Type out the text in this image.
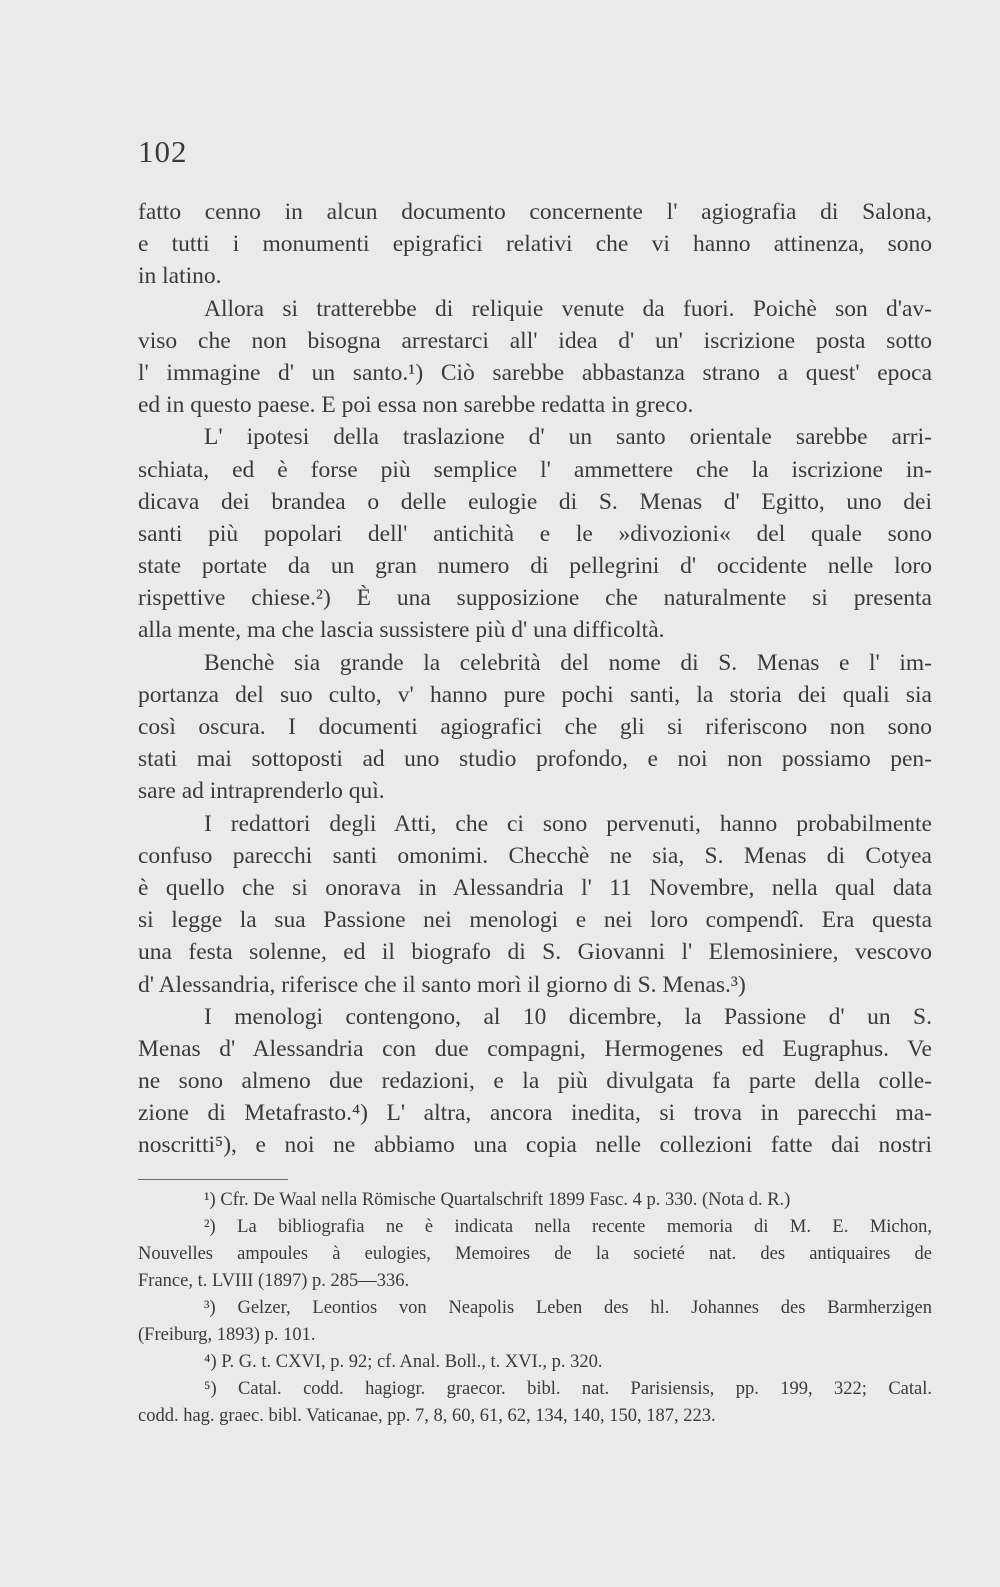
102
fatto cenno in alcun documento concernente l' agiografia di Salona,
e tutti i monumenti epigrafici relativi che vi hanno attinenza, sono
in latino.
Allora si tratterebbe di reliquie venute da fuori. Poichè son d'av-
viso che non bisogna arrestarci all' idea d' un' iscrizione posta sotto
l' immagine d' un santo.¹) Ciò sarebbe abbastanza strano a quest' epoca
ed in questo paese. E poi essa non sarebbe redatta in greco.
L' ipotesi della traslazione d' un santo orientale sarebbe arri-
schiata, ed è forse più semplice l' ammettere che la iscrizione in-
dicava dei brandea o delle eulogie di S. Menas d' Egitto, uno dei
santi più popolari dell' antichità e le »divozioni« del quale sono
state portate da un gran numero di pellegrini d' occidente nelle loro
rispettive chiese.²) È una supposizione che naturalmente si presenta
alla mente, ma che lascia sussistere più d' una difficoltà.
Benchè sia grande la celebrità del nome di S. Menas e l' im-
portanza del suo culto, v' hanno pure pochi santi, la storia dei quali sia
così oscura. I documenti agiografici che gli si riferiscono non sono
stati mai sottoposti ad uno studio profondo, e noi non possiamo pen-
sare ad intraprenderlo quì.
I redattori degli Atti, che ci sono pervenuti, hanno probabilmente
confuso parecchi santi omonimi. Checchè ne sia, S. Menas di Cotyea
è quello che si onorava in Alessandria l' 11 Novembre, nella qual data
si legge la sua Passione nei menologi e nei loro compendî. Era questa
una festa solenne, ed il biografo di S. Giovanni l' Elemosiniere, vescovo
d' Alessandria, riferisce che il santo morì il giorno di S. Menas.³)
I menologi contengono, al 10 dicembre, la Passione d' un S.
Menas d' Alessandria con due compagni, Hermogenes ed Eugraphus. Ve
ne sono almeno due redazioni, e la più divulgata fa parte della colle-
zione di Metafrasto.⁴) L' altra, ancora inedita, si trova in parecchi ma-
noscritti⁵), e noi ne abbiamo una copia nelle collezioni fatte dai nostri
¹) Cfr. De Waal nella Römische Quartalschrift 1899 Fasc. 4 p. 330. (Nota d. R.)
²) La bibliografia ne è indicata nella recente memoria di M. E. Michon,
Nouvelles ampoules à eulogies, Memoires de la societé nat. des antiquaires de
France, t. LVIII (1897) p. 285—336.
³) Gelzer, Leontios von Neapolis Leben des hl. Johannes des Barmherzigen
(Freiburg, 1893) p. 101.
⁴) P. G. t. CXVI, p. 92; cf. Anal. Boll., t. XVI., p. 320.
⁵) Catal. codd. hagiogr. graecor. bibl. nat. Parisiensis, pp. 199, 322; Catal.
codd. hag. graec. bibl. Vaticanae, pp. 7, 8, 60, 61, 62, 134, 140, 150, 187, 223.
